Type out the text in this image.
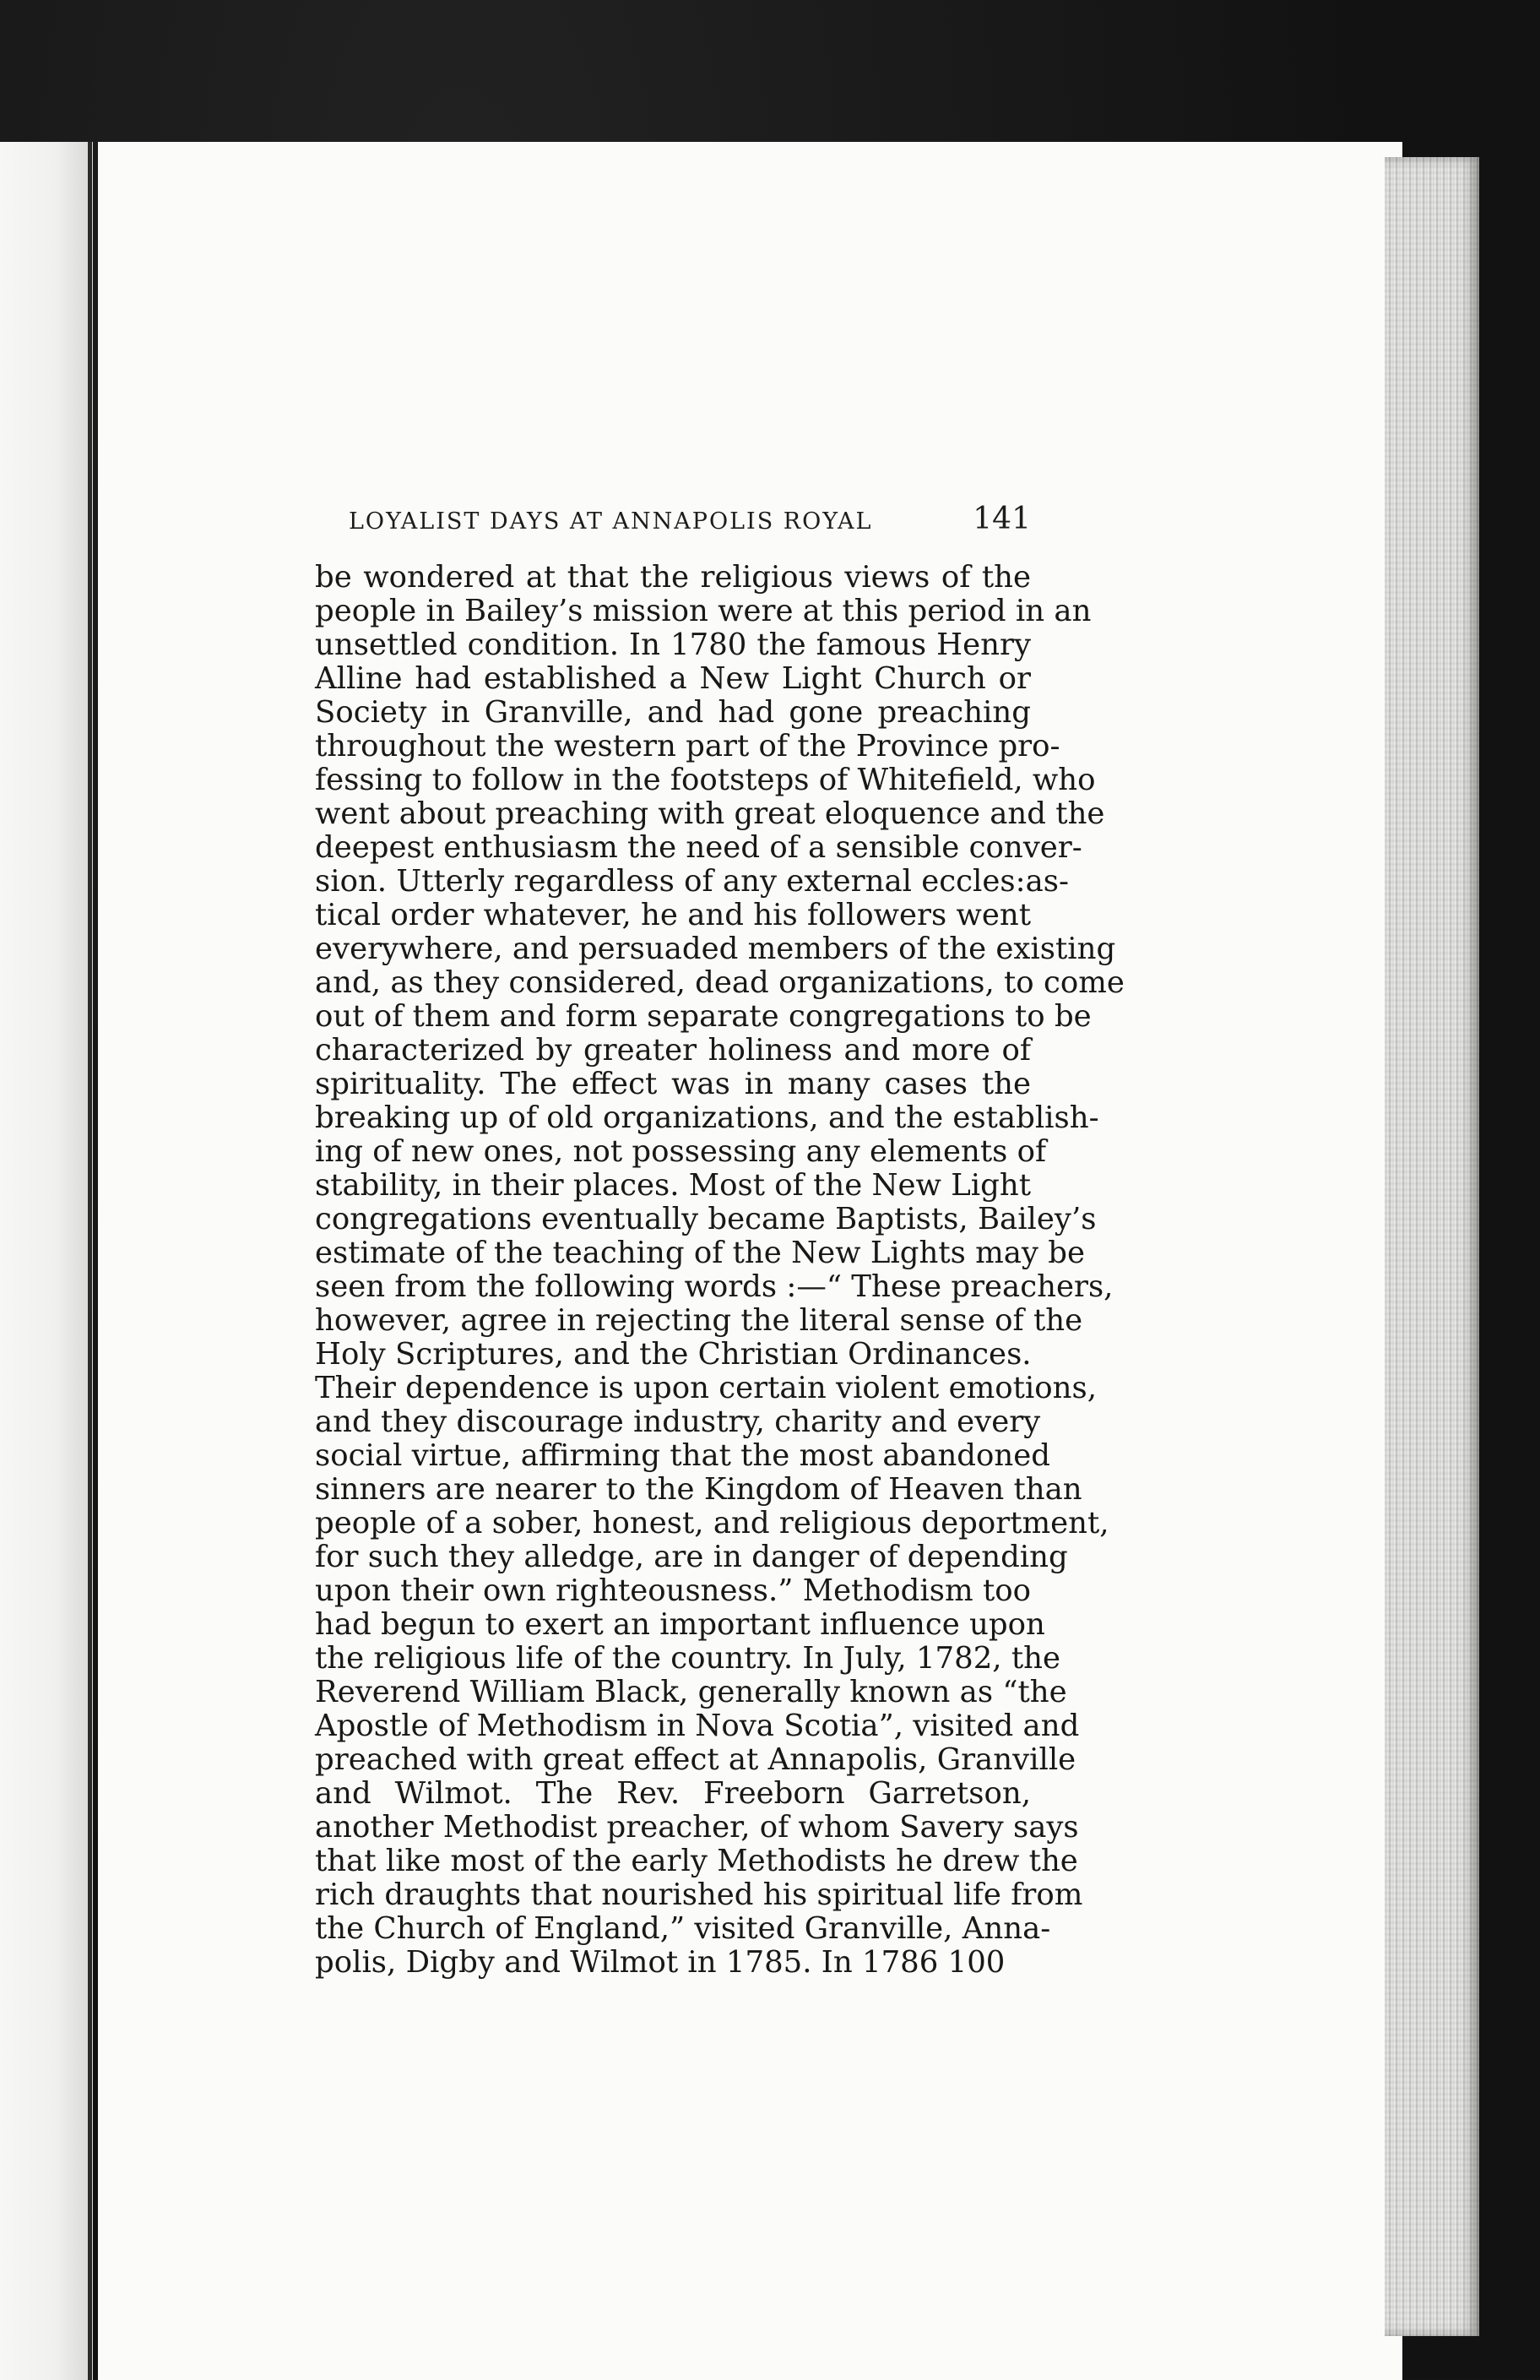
LOYALIST DAYS AT ANNAPOLIS ROYAL	141
be wondered at that the religious views of the
people in Bailey’s mission were at this period in an
unsettled condition. In 1780 the famous Henry
Alline had established a New Light Church or
Society in Granville, and had gone preaching
throughout the western part of the Province pro-
fessing to follow in the footsteps of Whitefield, who
went about preaching with great eloquence and the
deepest enthusiasm the need of a sensible conver-
sion. Utterly regardless of any external eccles:as-
tical order whatever, he and his followers went
everywhere, and persuaded members of the existing
and, as they considered, dead organizations, to come
out of them and form separate congregations to be
characterized by greater holiness and more of
spirituality. The effect was in many cases the
breaking up of old organizations, and the establish-
ing of new ones, not possessing any elements of
stability, in their places. Most of the New Light
congregations eventually became Baptists, Bailey’s
estimate of the teaching of the New Lights may be
seen from the following words :—“ These preachers,
however, agree in rejecting the literal sense of the
Holy Scriptures, and the Christian Ordinances.
Their dependence is upon certain violent emotions,
and they discourage industry, charity and every
social virtue, affirming that the most abandoned
sinners are nearer to the Kingdom of Heaven than
people of a sober, honest, and religious deportment,
for such they alledge, are in danger of depending
upon their own righteousness.” Methodism too
had begun to exert an important influence upon
the religious life of the country. In July, 1782, the
Reverend William Black, generally known as “the
Apostle of Methodism in Nova Scotia”, visited and
preached with great effect at Annapolis, Granville
and Wilmot. The Rev. Freeborn Garretson,
another Methodist preacher, of whom Savery says
that like most of the early Methodists he drew the
rich draughts that nourished his spiritual life from
the Church of England,” visited Granville, Anna-
polis, Digby and Wilmot in 1785. In 1786 100
